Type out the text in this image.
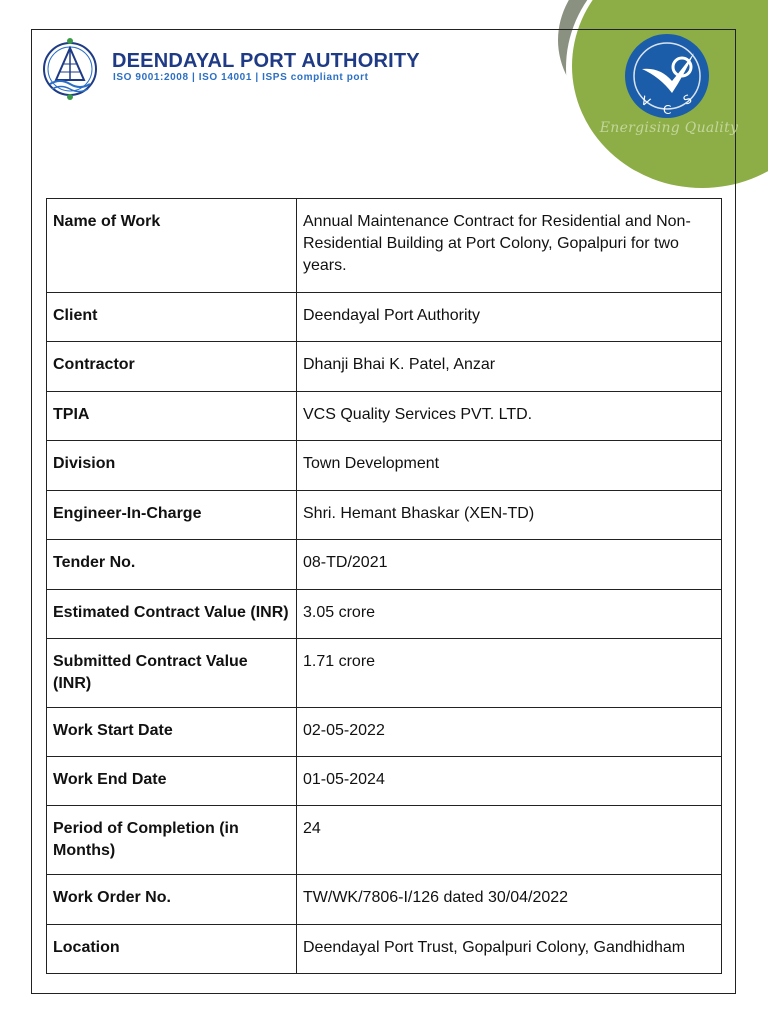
DEENDAYAL PORT AUTHORITY
ISO 9001:2008 | ISO 14001 | ISPS compliant port
V
C
S
Energising Quality
Name of Work	Annual Maintenance Contract for Residential and Non-Residential Building at Port Colony, Gopalpuri for two years.
Client	Deendayal Port Authority
Contractor	Dhanji Bhai K. Patel, Anzar
TPIA	VCS Quality Services PVT. LTD.
Division	Town Development
Engineer-In-Charge	Shri. Hemant Bhaskar (XEN-TD)
Tender No.	08-TD/2021
Estimated Contract Value (INR)	3.05 crore
Submitted Contract Value (INR)	1.71 crore
Work Start Date	02-05-2022
Work End Date	01-05-2024
Period of Completion (in Months)	24
Work Order No.	TW/WK/7806-I/126 dated 30/04/2022
Location	Deendayal Port Trust, Gopalpuri Colony, Gandhidham
